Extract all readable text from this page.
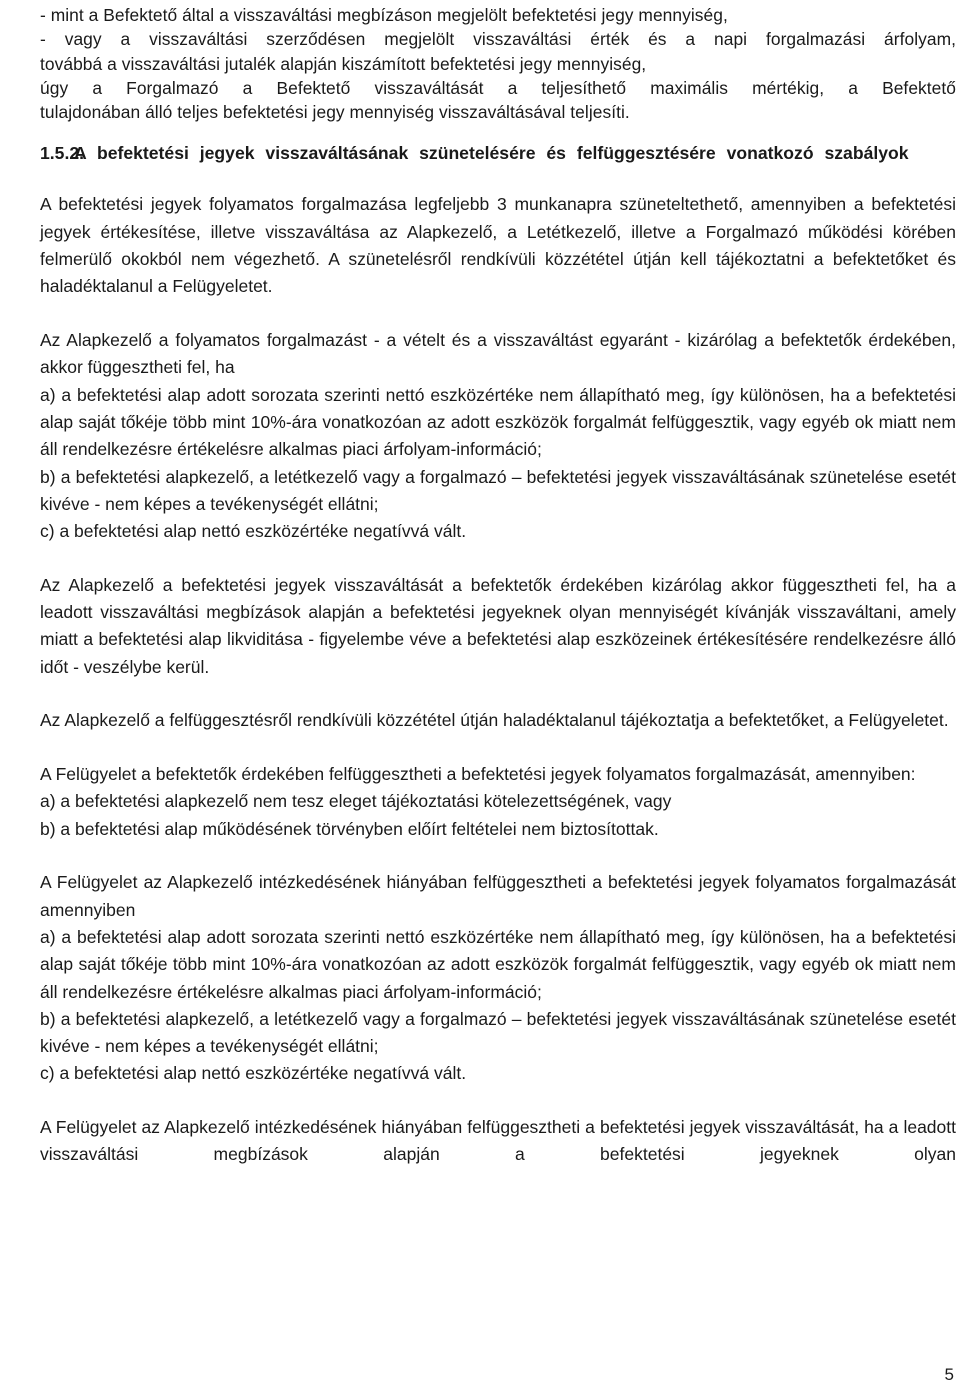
- mint a Befektető által a visszaváltási megbízáson megjelölt befektetési jegy mennyiség,
- vagy a visszaváltási szerződésen megjelölt visszaváltási érték és a napi forgalmazási árfolyam,
továbbá a visszaváltási jutalék alapján kiszámított befektetési jegy mennyiség,
úgy a Forgalmazó a Befektető visszaváltását a teljesíthető maximális mértékig, a Befektető
tulajdonában álló teljes befektetési jegy mennyiség visszaváltásával teljesíti.
1.5.2.
A befektetési jegyek visszaváltásának szünetelésére és felfüggesztésére vonatkozó szabályok

A befektetési jegyek folyamatos forgalmazása legfeljebb 3 munkanapra szüneteltethető, amennyiben a befektetési jegyek értékesítése, illetve visszaváltása az Alapkezelő, a Letétkezelő, illetve a Forgalmazó működési körében felmerülő okokból nem végezhető. A szünetelésről rendkívüli közzététel útján kell tájékoztatni a befektetőket és haladéktalanul a Felügyeletet.

Az Alapkezelő a folyamatos forgalmazást - a vételt és a visszaváltást egyaránt - kizárólag a befektetők érdekében, akkor függesztheti fel, ha

a) a befektetési alap adott sorozata szerinti nettó eszközértéke nem állapítható meg, így különösen, ha a befektetési alap saját tőkéje több mint 10%-ára vonatkozóan az adott eszközök forgalmát felfüggesztik, vagy egyéb ok miatt nem áll rendelkezésre értékelésre alkalmas piaci árfolyam-információ;

b) a befektetési alapkezelő, a letétkezelő vagy a forgalmazó – befektetési jegyek visszaváltásának szünetelése esetét kivéve - nem képes a tevékenységét ellátni;

c) a befektetési alap nettó eszközértéke negatívvá vált.

Az Alapkezelő a befektetési jegyek visszaváltását a befektetők érdekében kizárólag akkor függesztheti fel, ha a leadott visszaváltási megbízások alapján a befektetési jegyeknek olyan mennyiségét kívánják visszaváltani, amely miatt a befektetési alap likviditása - figyelembe véve a befektetési alap eszközeinek értékesítésére rendelkezésre álló időt - veszélybe kerül.

Az Alapkezelő a felfüggesztésről rendkívüli közzététel útján haladéktalanul tájékoztatja a befektetőket, a Felügyeletet.

A Felügyelet a befektetők érdekében felfüggesztheti a befektetési jegyek folyamatos forgalmazását, amennyiben:

a) a befektetési alapkezelő nem tesz eleget tájékoztatási kötelezettségének, vagy

b) a befektetési alap működésének törvényben előírt feltételei nem biztosítottak.

A Felügyelet az Alapkezelő intézkedésének hiányában felfüggesztheti a befektetési jegyek folyamatos forgalmazását amennyiben

a) a befektetési alap adott sorozata szerinti nettó eszközértéke nem állapítható meg, így különösen, ha a befektetési alap saját tőkéje több mint 10%-ára vonatkozóan az adott eszközök forgalmát felfüggesztik, vagy egyéb ok miatt nem áll rendelkezésre értékelésre alkalmas piaci árfolyam-információ;

b) a befektetési alapkezelő, a letétkezelő vagy a forgalmazó – befektetési jegyek visszaváltásának szünetelése esetét kivéve - nem képes a tevékenységét ellátni;

c) a befektetési alap nettó eszközértéke negatívvá vált.

A Felügyelet az Alapkezelő intézkedésének hiányában felfüggesztheti a befektetési jegyek visszaváltását, ha a leadott visszaváltási megbízások alapján a befektetési jegyeknek olyan

5
